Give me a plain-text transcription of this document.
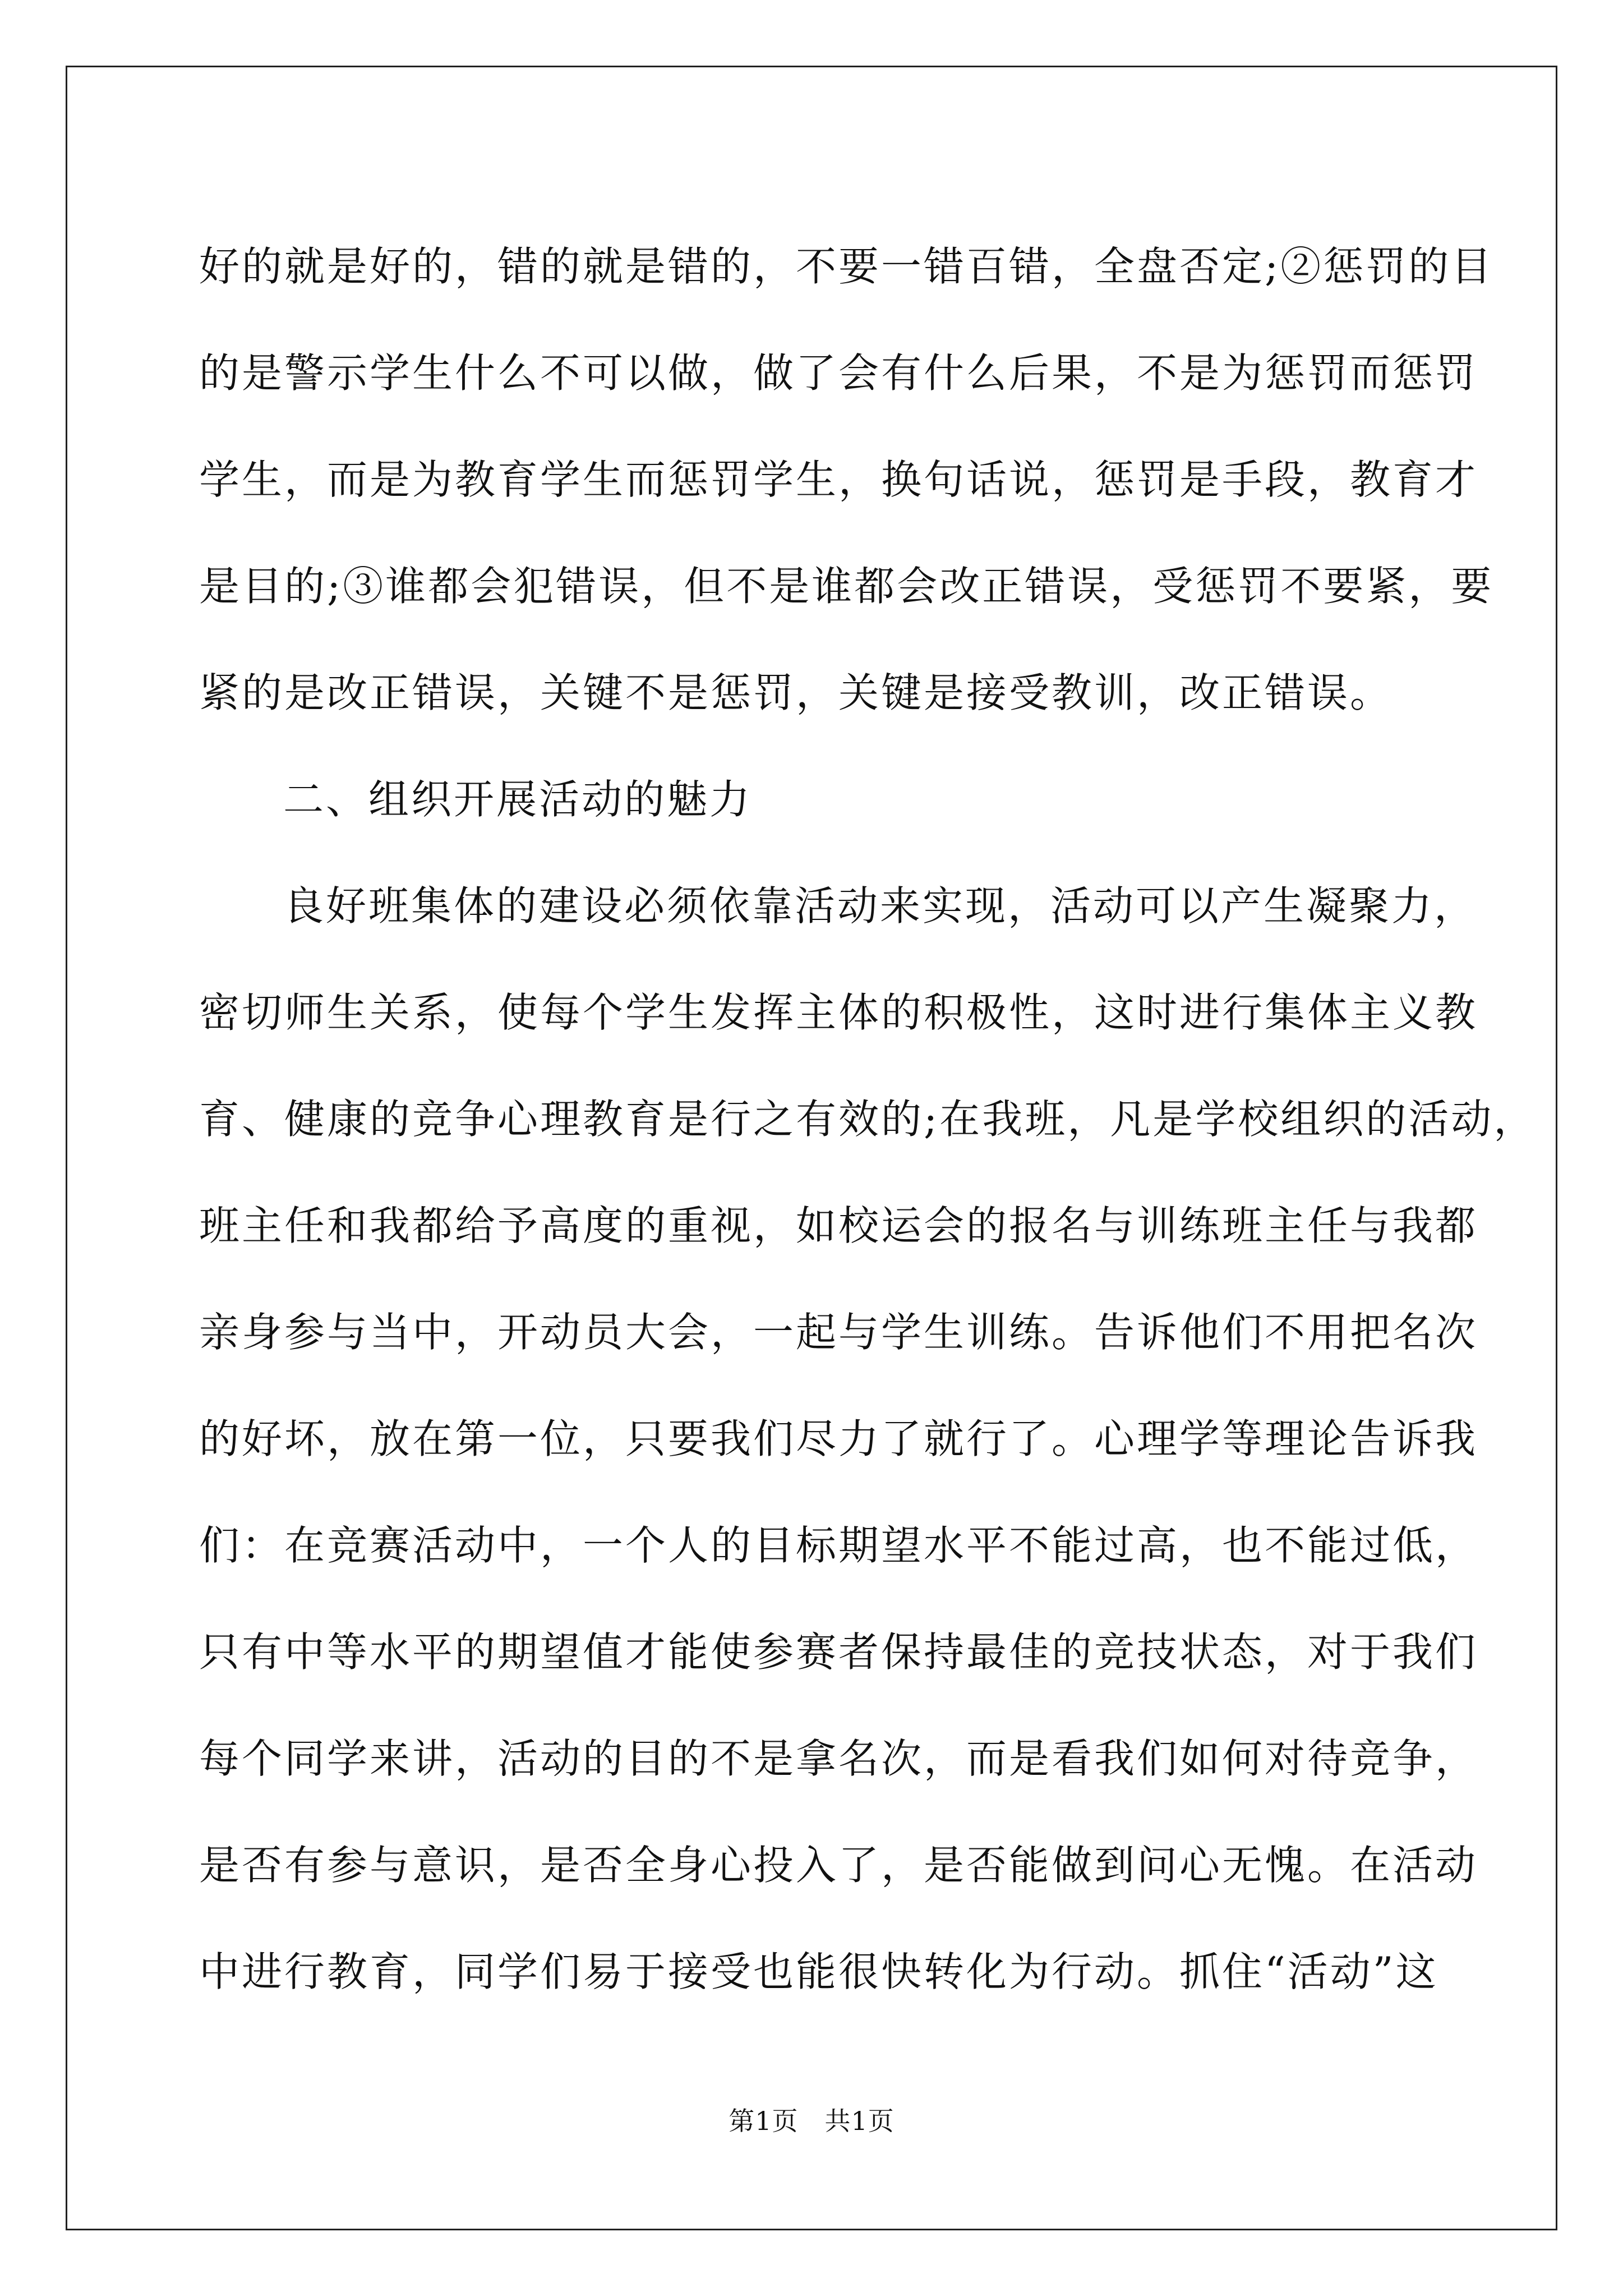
好的就是好的，错的就是错的，不要一错百错，全盘否定;②惩罚的目
的是警示学生什么不可以做，做了会有什么后果，不是为惩罚而惩罚
学生，而是为教育学生而惩罚学生，换句话说，惩罚是手段，教育才
是目的;③谁都会犯错误，但不是谁都会改正错误，受惩罚不要紧，要
紧的是改正错误，关键不是惩罚，关键是接受教训，改正错误。
二、组织开展活动的魅力
良好班集体的建设必须依靠活动来实现，活动可以产生凝聚力，
密切师生关系，使每个学生发挥主体的积极性，这时进行集体主义教
育、健康的竞争心理教育是行之有效的;在我班，凡是学校组织的活动，
班主任和我都给予高度的重视，如校运会的报名与训练班主任与我都
亲身参与当中，开动员大会，一起与学生训练。告诉他们不用把名次
的好坏，放在第一位，只要我们尽力了就行了。心理学等理论告诉我
们：在竞赛活动中，一个人的目标期望水平不能过高，也不能过低，
只有中等水平的期望值才能使参赛者保持最佳的竞技状态，对于我们
每个同学来讲，活动的目的不是拿名次，而是看我们如何对待竞争，
是否有参与意识，是否全身心投入了，是否能做到问心无愧。在活动
中进行教育，同学们易于接受也能很快转化为行动。抓住“活动”这
第1页　共1页
